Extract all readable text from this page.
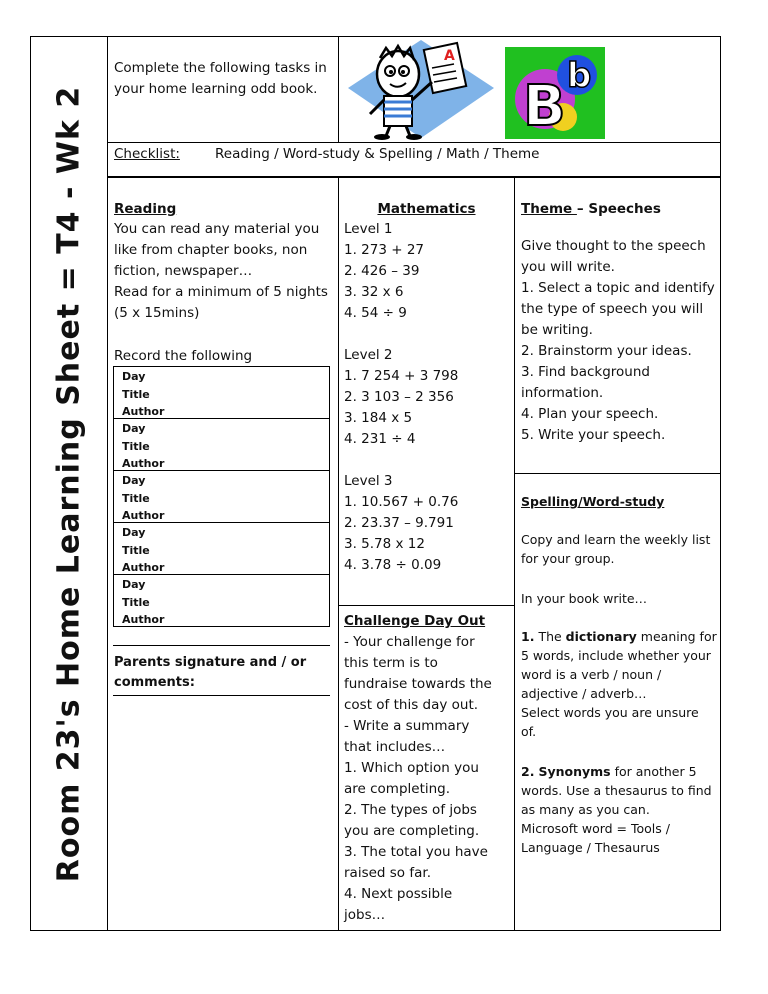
Room 23's Home Learning Sheet = T4 - Wk 2
Complete the following tasks in your home learning odd book.
A
B b
Checklist:	Reading / Word-study & Spelling / Math / Theme
Reading

You can read any material you like from chapter books, non fiction, newspaper…

Read for a minimum of 5 nights (5 x 15mins)

Record the following
Day
Title
Author
Day
Title
Author
Day
Title
Author
Day
Title
Author
Day
Title
Author
Parents signature and / or comments:
Mathematics

Level 1

1. 273 + 27

2. 426 – 39

3. 32 x 6

4. 54 ÷ 9

Level 2

1. 7 254 + 3 798

2. 3 103 – 2 356

3. 184 x 5

4. 231 ÷ 4

Level 3

1. 10.567 + 0.76

2. 23.37 – 9.791

3. 5.78 x 12

4. 3.78 ÷ 0.09

Challenge Day Out

- Your challenge for

this term is to

fundraise towards the

cost of this day out.

- Write a summary

that includes…

1. Which option you

are completing.

2. The types of jobs

you are completing.

3. The total you have

raised so far.

4. Next possible

jobs…

Theme – Speeches

Give thought to the speech you will write.

1. Select a topic and identify the type of speech you will be writing.

2. Brainstorm your ideas.

3. Find background information.

4. Plan your speech.

5. Write your speech.

Spelling/Word-study
Copy and learn the weekly list for your group.
In your book write…

1. The dictionary meaning for 5 words, include whether your word is a verb / noun / adjective / adverb…

Select words you are unsure of.

2. Synonyms for another 5 words. Use a thesaurus to find as many as you can.

Microsoft word = Tools / Language / Thesaurus
